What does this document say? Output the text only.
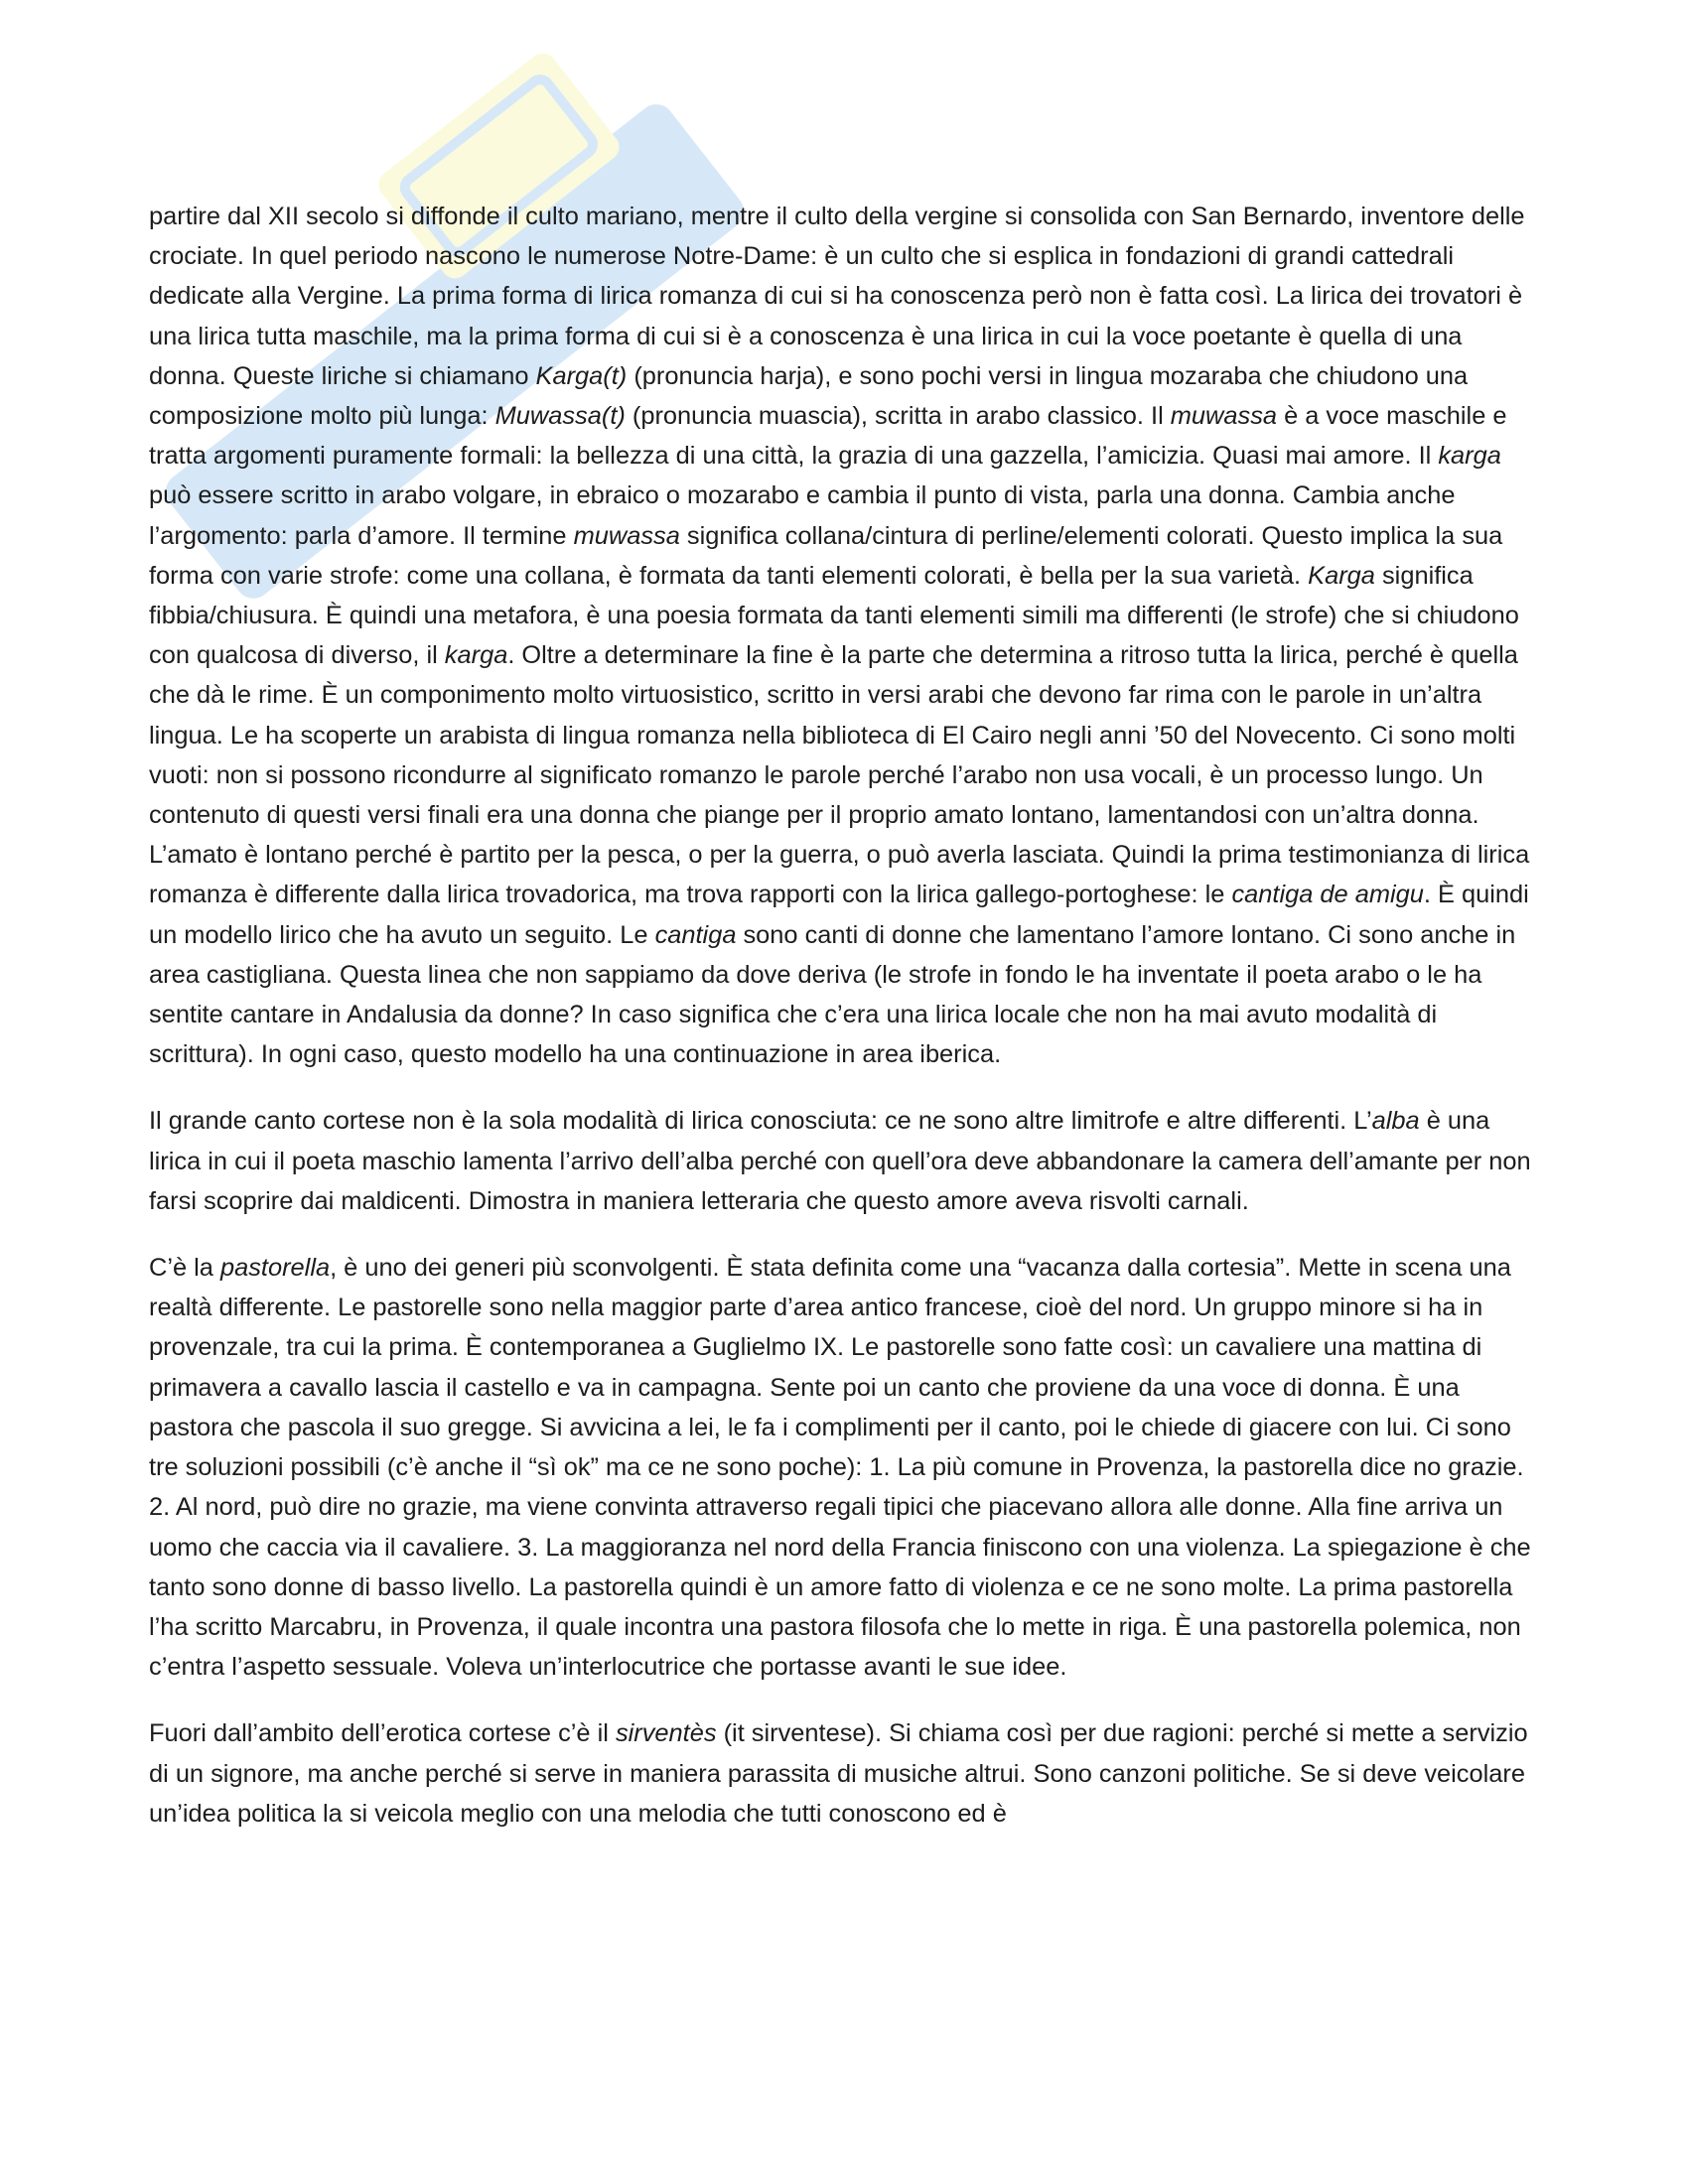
partire dal XII secolo si diffonde il culto mariano, mentre il culto della vergine si consolida con San Bernardo, inventore delle crociate. In quel periodo nascono le numerose Notre-Dame: è un culto che si esplica in fondazioni di grandi cattedrali dedicate alla Vergine. La prima forma di lirica romanza di cui si ha conoscenza però non è fatta così. La lirica dei trovatori è una lirica tutta maschile, ma la prima forma di cui si è a conoscenza è una lirica in cui la voce poetante è quella di una donna. Queste liriche si chiamano Karga(t) (pronuncia harja), e sono pochi versi in lingua mozaraba che chiudono una composizione molto più lunga: Muwassa(t) (pronuncia muascia), scritta in arabo classico. Il muwassa è a voce maschile e tratta argomenti puramente formali: la bellezza di una città, la grazia di una gazzella, l’amicizia. Quasi mai amore. Il karga può essere scritto in arabo volgare, in ebraico o mozarabo e cambia il punto di vista, parla una donna. Cambia anche l’argomento: parla d’amore. Il termine muwassa significa collana/cintura di perline/elementi colorati. Questo implica la sua forma con varie strofe: come una collana, è formata da tanti elementi colorati, è bella per la sua varietà. Karga significa fibbia/chiusura. È quindi una metafora, è una poesia formata da tanti elementi simili ma differenti (le strofe) che si chiudono con qualcosa di diverso, il karga. Oltre a determinare la fine è la parte che determina a ritroso tutta la lirica, perché è quella che dà le rime. È un componimento molto virtuosistico, scritto in versi arabi che devono far rima con le parole in un’altra lingua. Le ha scoperte un arabista di lingua romanza nella biblioteca di El Cairo negli anni ’50 del Novecento. Ci sono molti vuoti: non si possono ricondurre al significato romanzo le parole perché l’arabo non usa vocali, è un processo lungo. Un contenuto di questi versi finali era una donna che piange per il proprio amato lontano, lamentandosi con un’altra donna. L’amato è lontano perché è partito per la pesca, o per la guerra, o può averla lasciata. Quindi la prima testimonianza di lirica romanza è differente dalla lirica trovadorica, ma trova rapporti con la lirica gallego-portoghese: le cantiga de amigu. È quindi un modello lirico che ha avuto un seguito. Le cantiga sono canti di donne che lamentano l’amore lontano. Ci sono anche in area castigliana. Questa linea che non sappiamo da dove deriva (le strofe in fondo le ha inventate il poeta arabo o le ha sentite cantare in Andalusia da donne? In caso significa che c’era una lirica locale che non ha mai avuto modalità di scrittura). In ogni caso, questo modello ha una continuazione in area iberica.

Il grande canto cortese non è la sola modalità di lirica conosciuta: ce ne sono altre limitrofe e altre differenti. L’alba è una lirica in cui il poeta maschio lamenta l’arrivo dell’alba perché con quell’ora deve abbandonare la camera dell’amante per non farsi scoprire dai maldicenti. Dimostra in maniera letteraria che questo amore aveva risvolti carnali.

C’è la pastorella, è uno dei generi più sconvolgenti. È stata definita come una “vacanza dalla cortesia”. Mette in scena una realtà differente. Le pastorelle sono nella maggior parte d’area antico francese, cioè del nord. Un gruppo minore si ha in provenzale, tra cui la prima. È contemporanea a Guglielmo IX. Le pastorelle sono fatte così: un cavaliere una mattina di primavera a cavallo lascia il castello e va in campagna. Sente poi un canto che proviene da una voce di donna. È una pastora che pascola il suo gregge. Si avvicina a lei, le fa i complimenti per il canto, poi le chiede di giacere con lui. Ci sono tre soluzioni possibili (c’è anche il “sì ok” ma ce ne sono poche): 1. La più comune in Provenza, la pastorella dice no grazie. 2. Al nord, può dire no grazie, ma viene convinta attraverso regali tipici che piacevano allora alle donne. Alla fine arriva un uomo che caccia via il cavaliere. 3. La maggioranza nel nord della Francia finiscono con una violenza. La spiegazione è che tanto sono donne di basso livello. La pastorella quindi è un amore fatto di violenza e ce ne sono molte. La prima pastorella l’ha scritto Marcabru, in Provenza, il quale incontra una pastora filosofa che lo mette in riga. È una pastorella polemica, non c’entra l’aspetto sessuale. Voleva un’interlocutrice che portasse avanti le sue idee.

Fuori dall’ambito dell’erotica cortese c’è il sirventès (it sirventese). Si chiama così per due ragioni: perché si mette a servizio di un signore, ma anche perché si serve in maniera parassita di musiche altrui. Sono canzoni politiche. Se si deve veicolare un’idea politica la si veicola meglio con una melodia che tutti conoscono ed è
